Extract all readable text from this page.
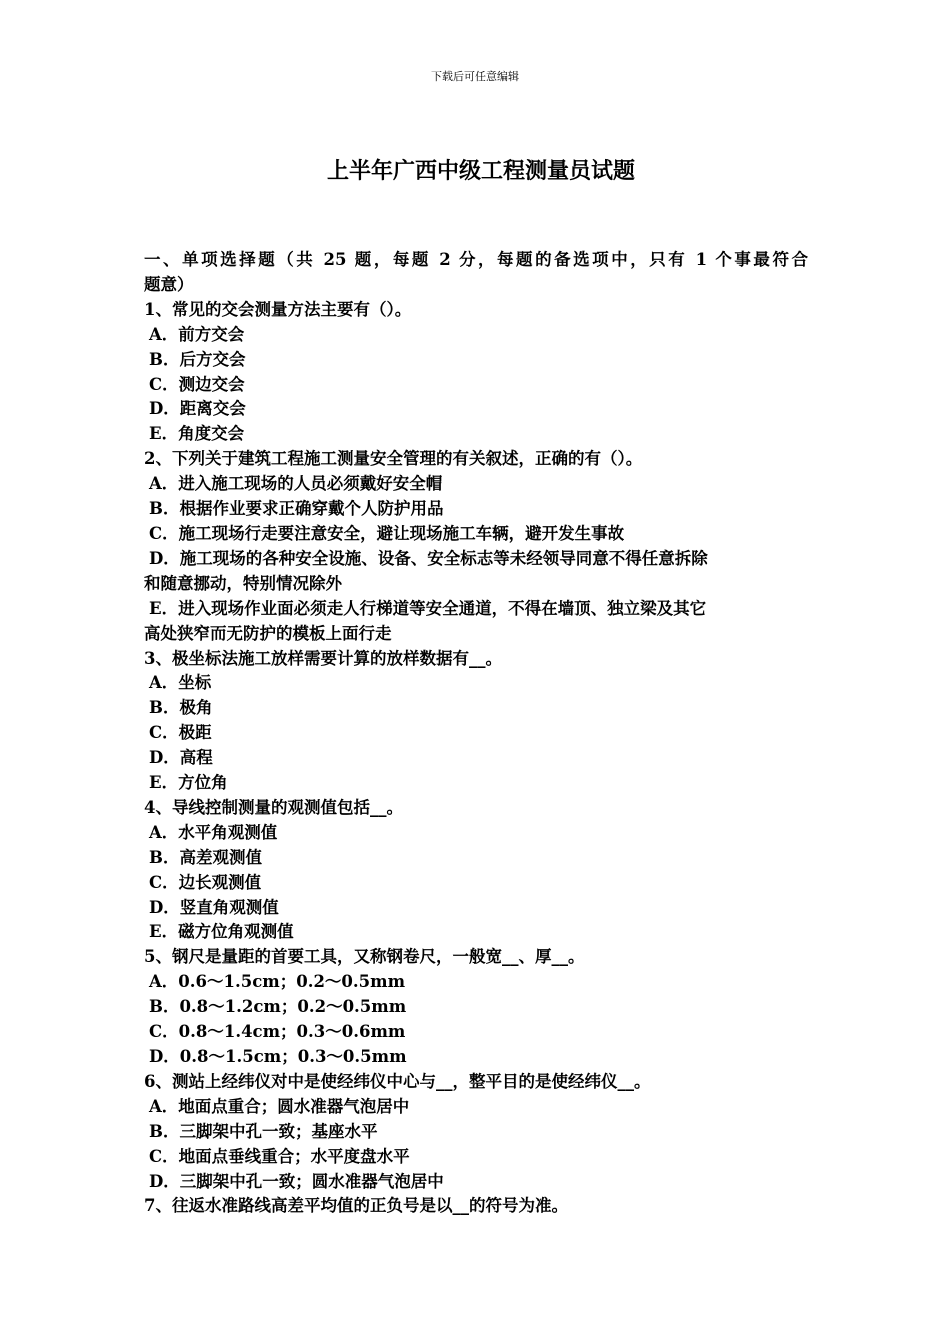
下载后可任意编辑
上半年广西中级工程测量员试题
一、单项选择题（共 25 题，每题 2 分，每题的备选项中，只有 1 个事最符合
题意）
1、常见的交会测量方法主要有（）。
A．前方交会
B．后方交会
C．测边交会
D．距离交会
E．角度交会
2、下列关于建筑工程施工测量安全管理的有关叙述，正确的有（）。
A．进入施工现场的人员必须戴好安全帽
B．根据作业要求正确穿戴个人防护用品
C．施工现场行走要注意安全，避让现场施工车辆，避开发生事故
D．施工现场的各种安全设施、设备、安全标志等未经领导同意不得任意拆除
和随意挪动，特别情况除外
E．进入现场作业面必须走人行梯道等安全通道，不得在墙顶、独立梁及其它
高处狭窄而无防护的模板上面行走
3、极坐标法施工放样需要计算的放样数据有__。
A．坐标
B．极角
C．极距
D．高程
E．方位角
4、导线控制测量的观测值包括__。
A．水平角观测值
B．高差观测值
C．边长观测值
D．竖直角观测值
E．磁方位角观测值
5、钢尺是量距的首要工具，又称钢卷尺，一般宽__、厚__。
A．0.6～1.5cm；0.2～0.5mm
B．0.8～1.2cm；0.2～0.5mm
C．0.8～1.4cm；0.3～0.6mm
D．0.8～1.5cm；0.3～0.5mm
6、测站上经纬仪对中是使经纬仪中心与__，整平目的是使经纬仪__。
A．地面点重合；圆水准器气泡居中
B．三脚架中孔一致；基座水平
C．地面点垂线重合；水平度盘水平
D．三脚架中孔一致；圆水准器气泡居中
7、往返水准路线高差平均值的正负号是以__的符号为准。
